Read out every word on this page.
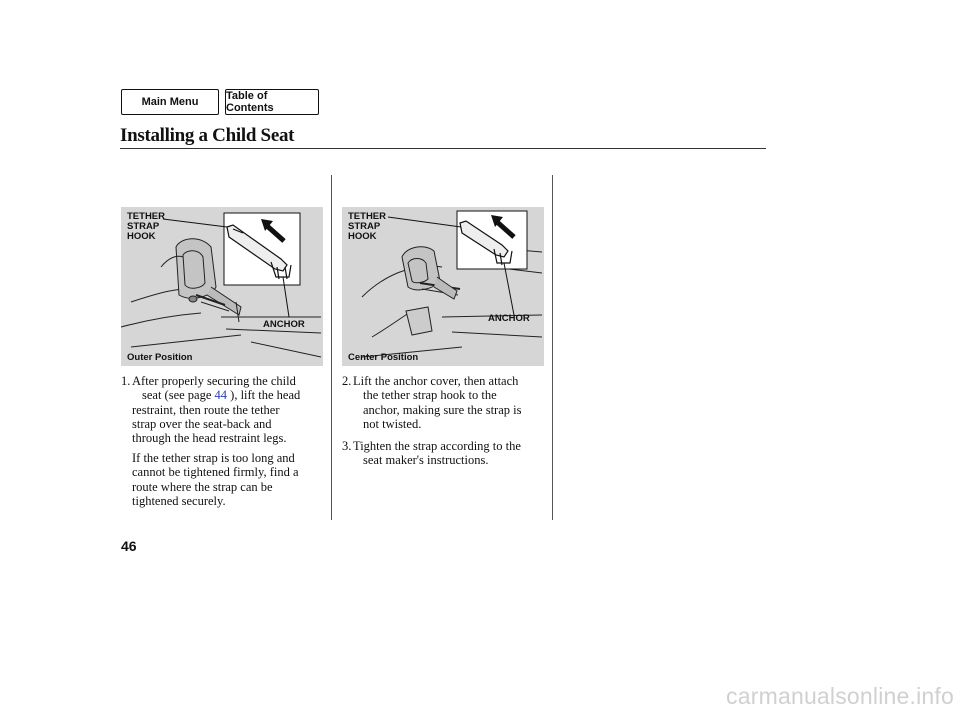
Main Menu	Table of Contents
Installing a Child Seat
TETHER
STRAP
HOOK
ANCHOR
Outer Position
TETHER
STRAP
HOOK
ANCHOR
Center Position
1. After properly securing the child
seat (see page 44 ), lift the head
restraint, then route the tether
strap over the seat-back and
through the head restraint legs.
If the tether strap is too long and
cannot be tightened firmly, find a
route where the strap can be
tightened securely.
2. Lift the anchor cover, then attach
the tether strap hook to the
anchor, making sure the strap is
not twisted.
3. Tighten the strap according to the
seat maker's instructions.
46
carmanualsonline.info
